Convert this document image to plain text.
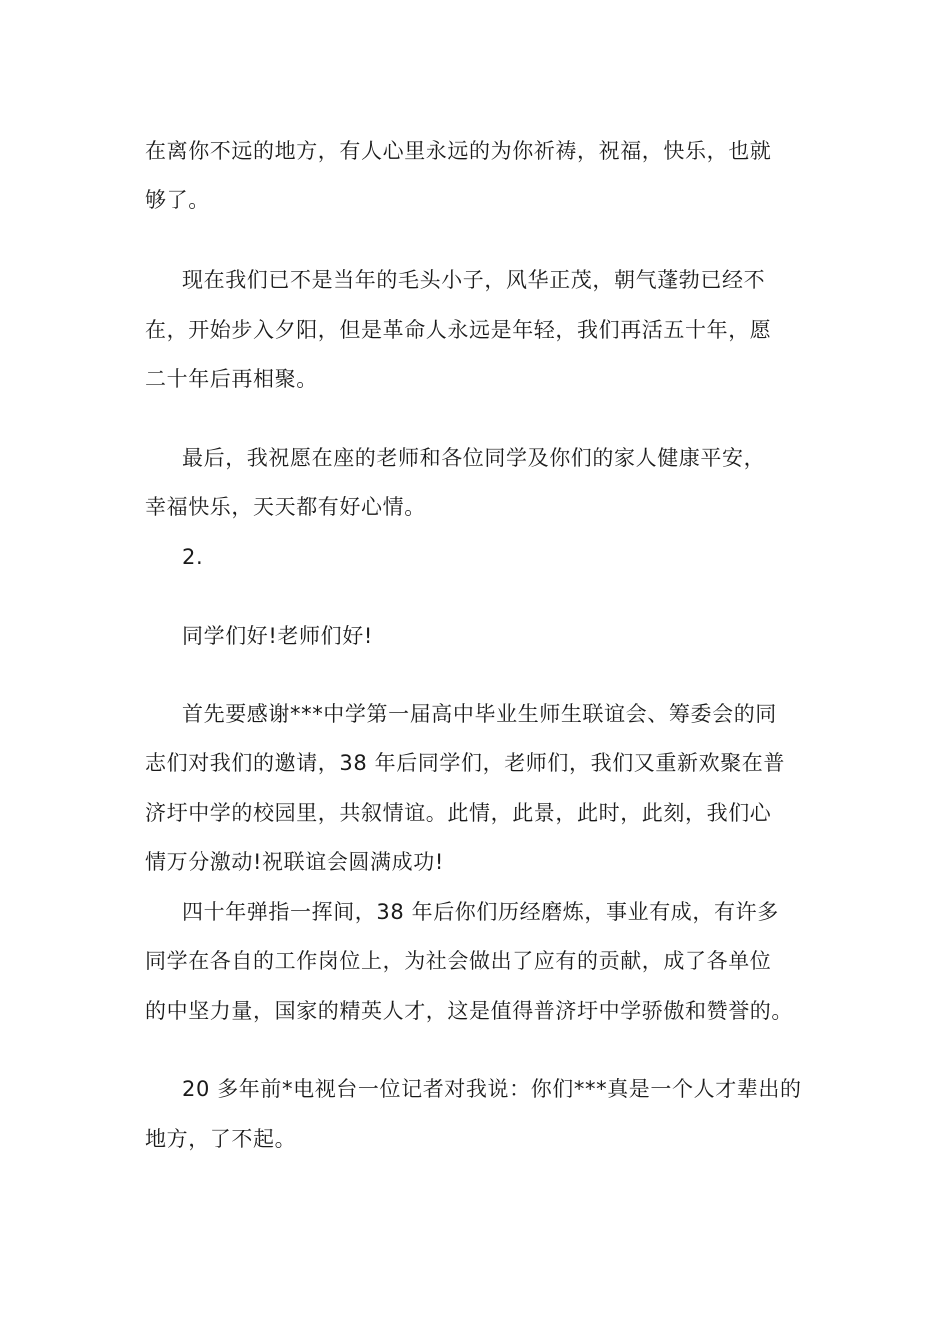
在离你不远的地方，有人心里永远的为你祈祷，祝福，快乐，也就
够了。
现在我们已不是当年的毛头小子，风华正茂，朝气蓬勃已经不
在，开始步入夕阳，但是革命人永远是年轻，我们再活五十年，愿
二十年后再相聚。
最后，我祝愿在座的老师和各位同学及你们的家人健康平安，
幸福快乐，天天都有好心情。
2.
同学们好!老师们好!
首先要感谢***中学第一届高中毕业生师生联谊会、筹委会的同
志们对我们的邀请，38 年后同学们，老师们，我们又重新欢聚在普
济圩中学的校园里，共叙情谊。此情，此景，此时，此刻，我们心
情万分激动!祝联谊会圆满成功!
四十年弹指一挥间，38 年后你们历经磨炼，事业有成，有许多
同学在各自的工作岗位上，为社会做出了应有的贡献，成了各单位
的中坚力量，国家的精英人才，这是值得普济圩中学骄傲和赞誉的。
20 多年前*电视台一位记者对我说：你们***真是一个人才辈出的
地方，了不起。
